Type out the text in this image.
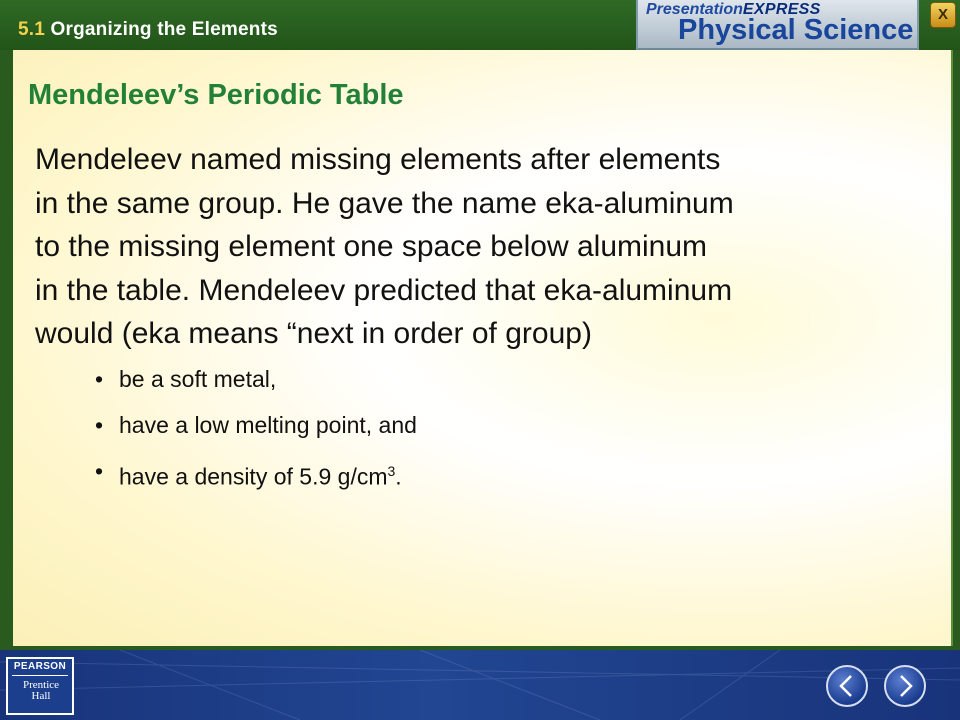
5.1 Organizing the Elements
PresentationEXPRESS
Physical Science	X
Mendeleev’s Periodic Table
Mendeleev named missing elements after elements
in the same group. He gave the name eka-aluminum
to the missing element one space below aluminum
in the table. Mendeleev predicted that eka-aluminum
would (eka means “next in order of group)
• be a soft metal,
• have a low melting point, and
• have a density of 5.9 $g/cm^3$.
PEARSON
Prentice
Hall
